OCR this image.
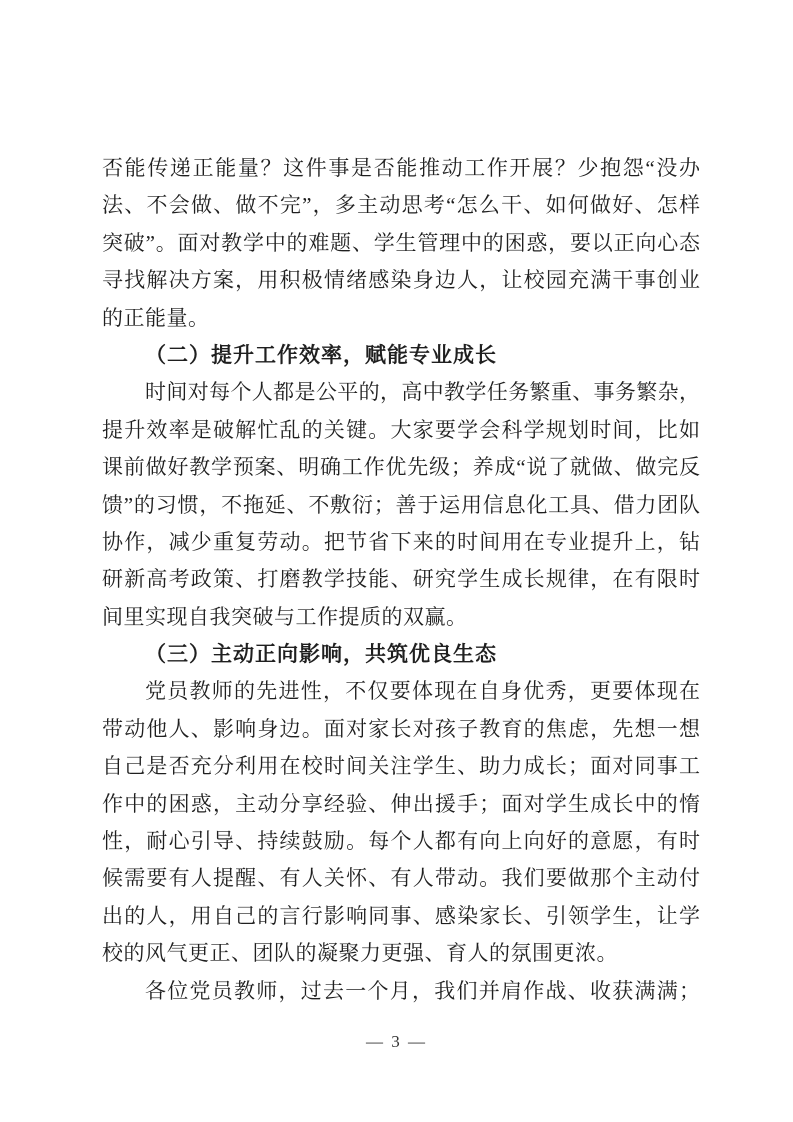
否能传递正能量？这件事是否能推动工作开展？少抱怨“没办
法、不会做、做不完”，多主动思考“怎么干、如何做好、怎样
突破”。面对教学中的难题、学生管理中的困惑，要以正向心态
寻找解决方案，用积极情绪感染身边人，让校园充满干事创业
的正能量。
（二）提升工作效率，赋能专业成长
时间对每个人都是公平的，高中教学任务繁重、事务繁杂，
提升效率是破解忙乱的关键。大家要学会科学规划时间，比如
课前做好教学预案、明确工作优先级；养成“说了就做、做完反
馈”的习惯，不拖延、不敷衍；善于运用信息化工具、借力团队
协作，减少重复劳动。把节省下来的时间用在专业提升上，钻
研新高考政策、打磨教学技能、研究学生成长规律，在有限时
间里实现自我突破与工作提质的双赢。
（三）主动正向影响，共筑优良生态
党员教师的先进性，不仅要体现在自身优秀，更要体现在
带动他人、影响身边。面对家长对孩子教育的焦虑，先想一想
自己是否充分利用在校时间关注学生、助力成长；面对同事工
作中的困惑，主动分享经验、伸出援手；面对学生成长中的惰
性，耐心引导、持续鼓励。每个人都有向上向好的意愿，有时
候需要有人提醒、有人关怀、有人带动。我们要做那个主动付
出的人，用自己的言行影响同事、感染家长、引领学生，让学
校的风气更正、团队的凝聚力更强、育人的氛围更浓。
各位党员教师，过去一个月，我们并肩作战、收获满满；
— 3 —
